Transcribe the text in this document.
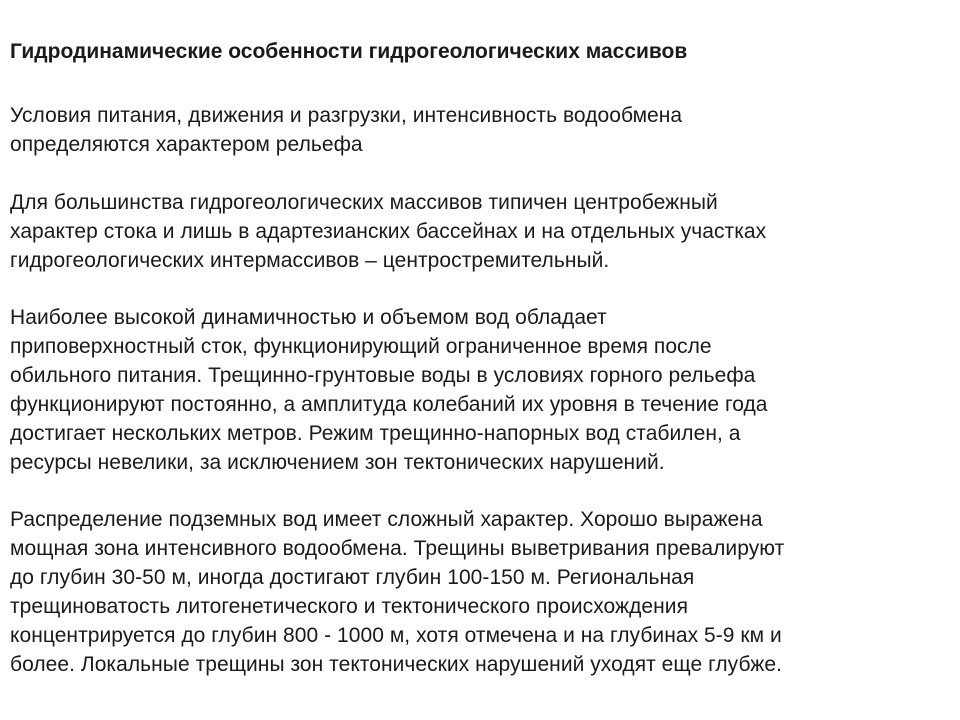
Гидродинамические особенности гидрогеологических массивов

Условия питания, движения и разгрузки, интенсивность водообмена
определяются характером рельефа

Для большинства гидрогеологических массивов типичен центробежный
характер стока и лишь в адартезианских бассейнах и на отдельных участках
гидрогеологических интермассивов – центростремительный.

Наиболее высокой динамичностью и объемом вод обладает
приповерхностный сток, функционирующий ограниченное время после
обильного питания. Трещинно-грунтовые воды в условиях горного рельефа
функционируют постоянно, а амплитуда колебаний их уровня в течение года
достигает нескольких метров. Режим трещинно-напорных вод стабилен, а
ресурсы невелики, за исключением зон тектонических нарушений.

Распределение подземных вод имеет сложный характер. Хорошо выражена
мощная зона интенсивного водообмена. Трещины выветривания превалируют
до глубин 30-50 м, иногда достигают глубин 100-150 м. Региональная
трещиноватость литогенетического и тектонического происхождения
концентрируется до глубин 800 - 1000 м, хотя отмечена и на глубинах 5-9 км и
более. Локальные трещины зон тектонических нарушений уходят еще глубже.
